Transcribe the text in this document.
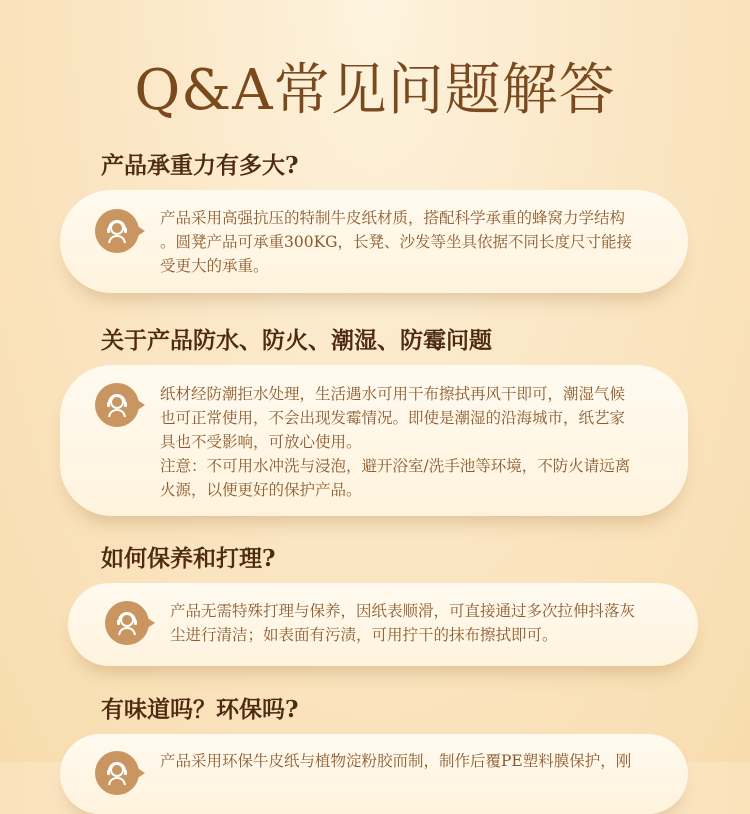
Q&A常见问题解答
产品承重力有多大?
产品采用高强抗压的特制牛皮纸材质，搭配科学承重的蜂窝力学结构
。圆凳产品可承重300KG，长凳、沙发等坐具依据不同长度尺寸能接
受更大的承重。
关于产品防水、防火、潮湿、防霉问题
纸材经防潮拒水处理，生活遇水可用干布擦拭再风干即可，潮湿气候
也可正常使用，不会出现发霉情况。即使是潮湿的沿海城市，纸艺家
具也不受影响，可放心使用。
注意：不可用水冲洗与浸泡，避开浴室/洗手池等环境，不防火请远离
火源，以便更好的保护产品。
如何保养和打理?
产品无需特殊打理与保养，因纸表顺滑，可直接通过多次拉伸抖落灰
尘进行清洁；如表面有污渍，可用拧干的抹布擦拭即可。
有味道吗？环保吗?
产品采用环保牛皮纸与植物淀粉胶而制，制作后覆PE塑料膜保护，刚
